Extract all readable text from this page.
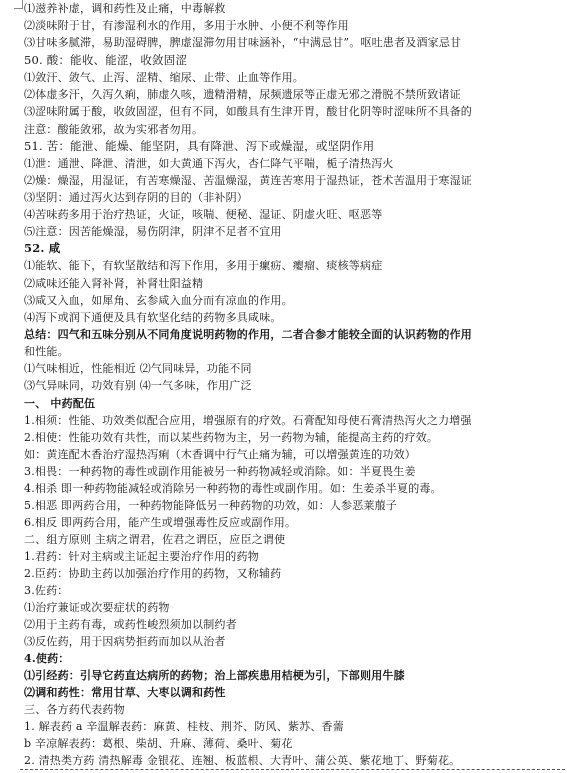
⑴滋养补虚，调和药性及止痛，中毒解救
⑵淡味附于甘，有渗湿利水的作用，多用于水肿、小便不利等作用
⑶甘味多腻滞，易助湿碍脾，脾虚湿滞勿用甘味涵补，“中满忌甘”。呕吐患者及酒家忌甘
50. 酸：能收、能涩，收敛固涩
⑴敛汗、敛气、止泻、涩精、缩尿、止带、止血等作用。
⑵体虚多汗，久泻久痢，肺虚久咳，遗精滑精，尿频遗尿等正虚无邪之滑脱不禁所致诸证
⑶涩味附属于酸，收敛固涩，但有不同，如酸具有生津开胃，酸甘化阴等时涩味所不具备的
注意：酸能敛邪，故为实邪者勿用。
51. 苦：能泄、能燥、能坚阴，具有降泄、泻下或燥湿，或坚阴作用
⑴泄：通泄、降泄、清泄，如大黄通下泻火，杏仁降气平喘，栀子清热泻火
⑵燥：燥湿，用湿证，有苦寒燥湿、苦温燥湿，黄连苦寒用于湿热证，苍术苦温用于寒湿证
⑶坚阴：通过泻火达到存阴的目的（非补阴）
⑷苦味药多用于治疗热证，火证，咳喘、便秘、湿证、阴虚火旺、呕恶等
⑸注意：因苦能燥湿，易伤阴津，阴津不足者不宜用
52. 咸
⑴能软、能下，有软坚散结和泻下作用，多用于瘰疬、瘿瘤、痰核等病症
⑵咸味还能入肾补肾，补肾壮阳益精
⑶咸又入血，如犀角、玄参咸入血分而有凉血的作用。
⑷泻下或润下通便及具有软坚化结的药物多具咸味。
总结：四气和五味分别从不同角度说明药物的作用，二者合参才能较全面的认识药物的作用
和性能。
⑴气味相近，性能相近 ⑵气同味异，功能不同
⑶气异味同，功效有别 ⑷一气多味，作用广泛
一、 中药配伍
1.相须：性能、功效类似配合应用，增强原有的疗效。石膏配知母使石膏清热泻火之力增强
2.相使：性能功效有共性，而以某些药物为主，另一药物为辅，能提高主药的疗效。
如：黄连配木香治疗湿热泻痢（木香调中行气止痛为辅，可以增强黄连的功效）
3.相畏：一种药物的毒性或副作用能被另一种药物减轻或消除。如：半夏畏生姜
4.相杀 即一种药物能减轻或消除另一种药物的毒性或副作用。如：生姜杀半夏的毒。
5.相恶 即两药合用，一种药物能降低另一种药物的功效，如：人参恶莱菔子
6.相反 即两药合用，能产生或增强毒性反应或副作用。
二、组方原则 主病之谓君，佐君之谓臣，应臣之谓使
1.君药：针对主病或主证起主要治疗作用的药物
2.臣药：协助主药以加强治疗作用的药物，又称辅药
3.佐药：
⑴治疗兼证或次要症状的药物
⑵用于主药有毒，或药性峻烈须加以制约者
⑶反佐药，用于因病势拒药而加以从治者
4.使药：
⑴引经药：引导它药直达病所的药物；治上部疾患用桔梗为引，下部则用牛膝
⑵调和药性：常用甘草、大枣以调和药性
三、各方药代表药物
1. 解表药 a 辛温解表药：麻黄、桂枝、荆芥、防风、紫苏、香薷
b 辛凉解表药：葛根、柴胡、升麻、薄荷、桑叶、菊花
2. 清热类方药 清热解毒 金银花、连翘、板蓝根、大青叶、蒲公英、紫花地丁、野菊花。
